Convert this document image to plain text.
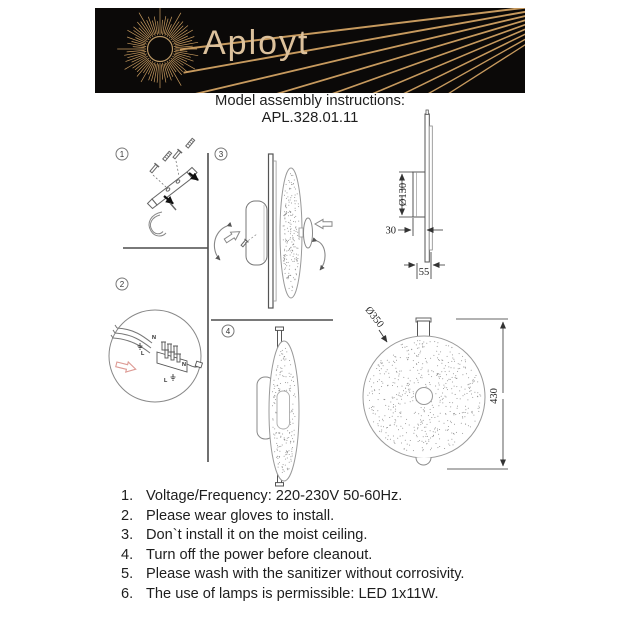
Aployt
Model assembly instructions:
APL.328.01.11
1
2
3
4
N
L
N
L
Ø130
30
55
Ø350
430
1. Voltage/Frequency: 220-230V 50-60Hz.
2. Please wear gloves to install.
3. Don`t install it on the moist ceiling.
4. Turn off the power before cleanout.
5. Please wash with the sanitizer without corrosivity.
6. The use of lamps is permissible: LED 1x11W.
